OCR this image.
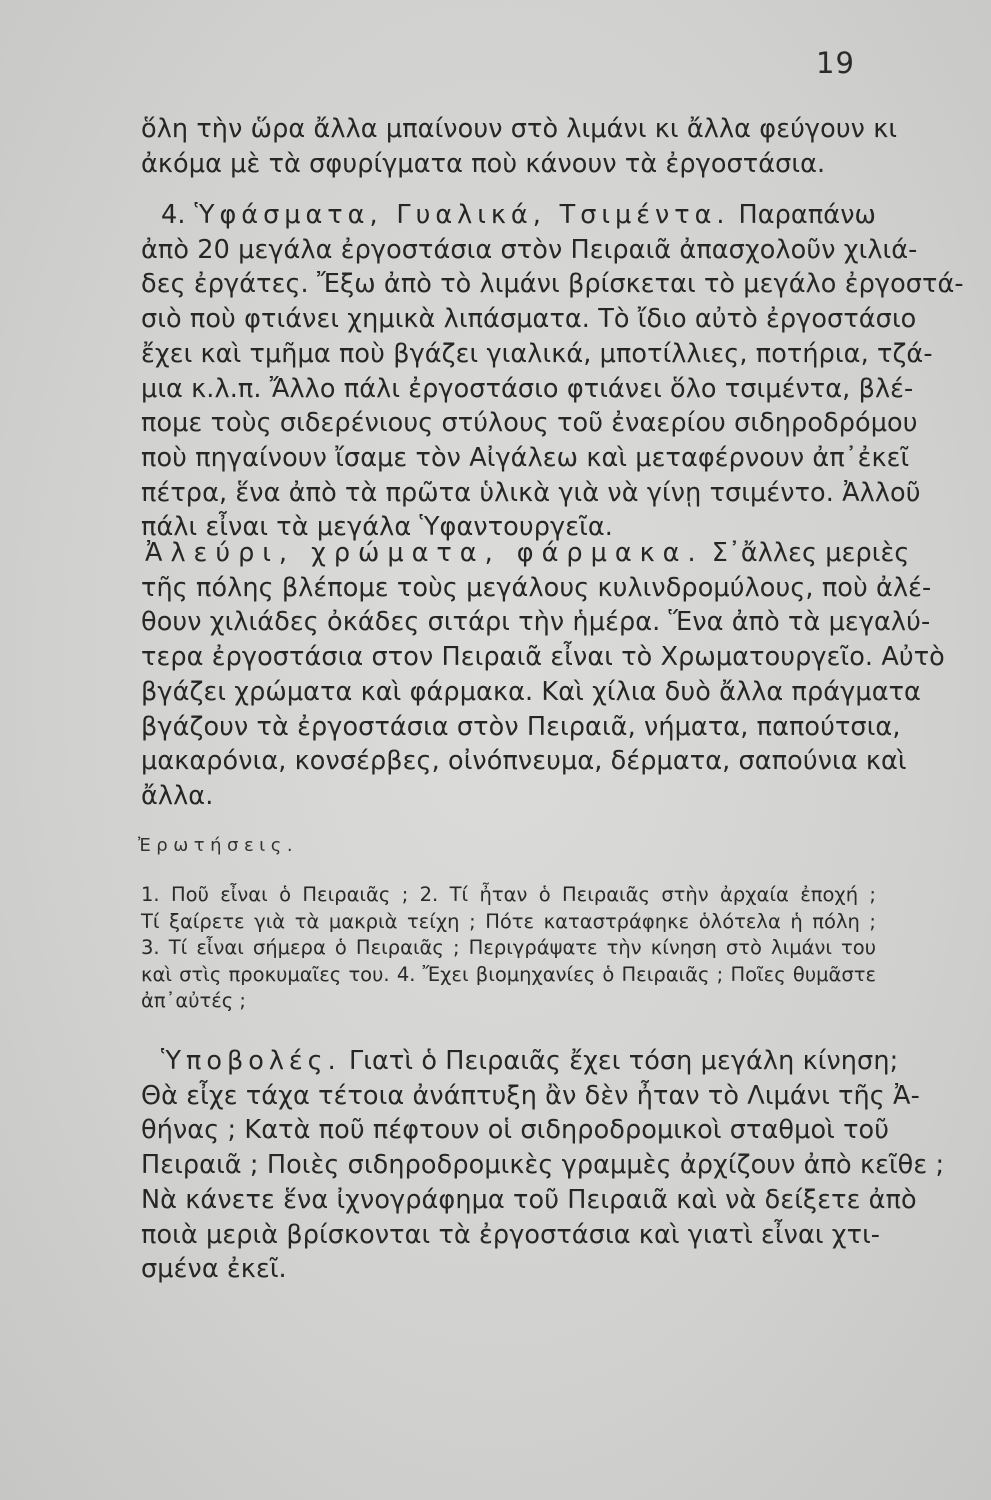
19
ὅλη τὴν ὥρα ἄλλα μπαίνουν στὸ λιμάνι κι ἄλλα φεύγουν κι
ἀκόμα μὲ τὰ σφυρίγματα ποὺ κάνουν τὰ ἐργοστάσια.
4. Ὑφάσματα, Γυαλικά, Τσιμέντα. Παραπάνω
ἀπὸ 20 μεγάλα ἐργοστάσια στὸν Πειραιᾶ ἀπασχολοῦν χιλιά-
δες ἐργάτες. Ἔξω ἀπὸ τὸ λιμάνι βρίσκεται τὸ μεγάλο ἐργοστά-
σιὸ ποὺ φτιάνει χημικὰ λιπάσματα. Τὸ ἴδιο αὐτὸ ἐργοστάσιο
ἔχει καὶ τμῆμα ποὺ βγάζει γιαλικά, μποτίλλιες, ποτήρια, τζά-
μια κ.λ.π. Ἄλλο πάλι ἐργοστάσιο φτιάνει ὅλο τσιμέντα, βλέ-
πομε τοὺς σιδερένιους στύλους τοῦ ἐναερίου σιδηροδρόμου
ποὺ πηγαίνουν ἴσαμε τὸν Αἰγάλεω καὶ μεταφέρνουν ἀπ᾿ἐκεῖ
πέτρα, ἕνα ἀπὸ τὰ πρῶτα ὑλικὰ γιὰ νὰ γίνῃ τσιμέντο. Ἀλλοῦ
πάλι εἶναι τὰ μεγάλα Ὑφαντουργεῖα.
Ἀλεύρι, χρώματα, φάρμακα. Σ᾿ἄλλες μεριὲς
τῆς πόλης βλέπομε τοὺς μεγάλους κυλινδρομύλους, ποὺ ἀλέ-
θουν χιλιάδες ὀκάδες σιτάρι τὴν ἡμέρα. Ἕνα ἀπὸ τὰ μεγαλύ-
τερα ἐργοστάσια στον Πειραιᾶ εἶναι τὸ Χρωματουργεῖο. Αὐτὸ
βγάζει χρώματα καὶ φάρμακα. Καὶ χίλια δυὸ ἄλλα πράγματα
βγάζουν τὰ ἐργοστάσια στὸν Πειραιᾶ, νήματα, παπούτσια,
μακαρόνια, κονσέρβες, οἰνόπνευμα, δέρματα, σαπούνια καὶ
ἄλλα.
Ἐρωτήσεις.
1. Ποῦ εἶναι ὁ Πειραιᾶς ; 2. Τί ἦταν ὁ Πειραιᾶς στὴν ἀρχαία ἐποχή ;
Τί ξαίρετε γιὰ τὰ μακριὰ τείχη ; Πότε καταστράφηκε ὁλότελα ἡ πόλη ;
3. Τί εἶναι σήμερα ὁ Πειραιᾶς ; Περιγράψατε τὴν κίνηση στὸ λιμάνι του
καὶ στὶς προκυμαῖες του. 4. Ἔχει βιομηχανίες ὁ Πειραιᾶς ; Ποῖες θυμᾶστε
ἀπ᾿αὐτές ;
Ὑποβολές. Γιατὶ ὁ Πειραιᾶς ἔχει τόση μεγάλη κίνηση;
Θὰ εἶχε τάχα τέτοια ἀνάπτυξη ἂν δὲν ἦταν τὸ Λιμάνι τῆς Ἀ-
θήνας ; Κατὰ ποῦ πέφτουν οἱ σιδηροδρομικοὶ σταθμοὶ τοῦ
Πειραιᾶ ; Ποιὲς σιδηροδρομικὲς γραμμὲς ἀρχίζουν ἀπὸ κεῖθε ;
Νὰ κάνετε ἕνα ἰχνογράφημα τοῦ Πειραιᾶ καὶ νὰ δείξετε ἀπὸ
ποιὰ μεριὰ βρίσκονται τὰ ἐργοστάσια καὶ γιατὶ εἶναι χτι-
σμένα ἐκεῖ.
